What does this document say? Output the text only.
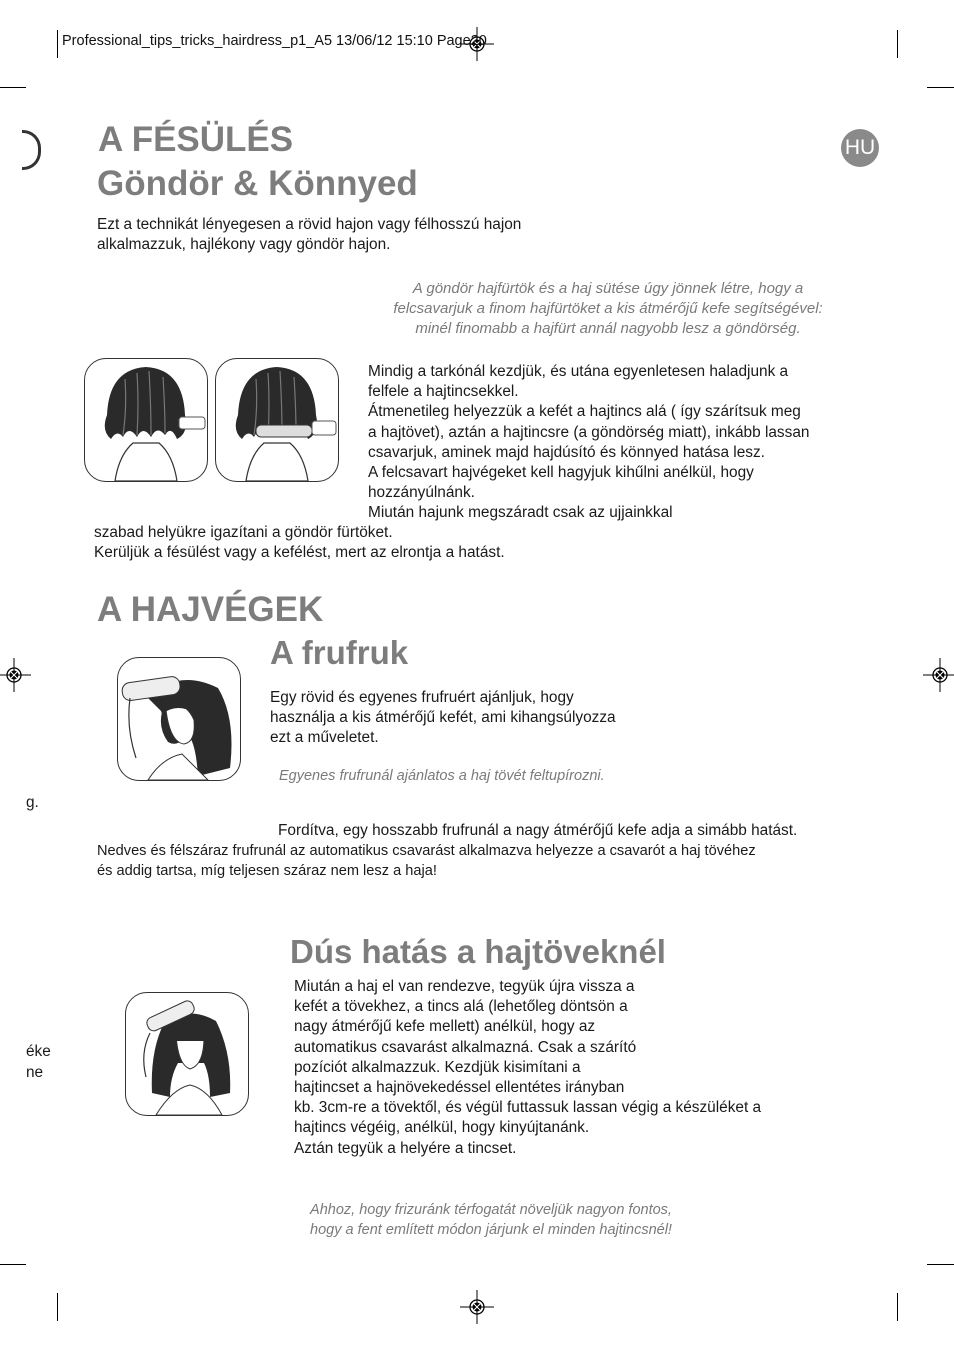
Professional_tips_tricks_hairdress_p1_A5 13/06/12 15:10 Page20
g.
éke
ne
HU
A FÉSÜLÉS
Göndör & Könnyed
Ezt a technikát lényegesen a rövid hajon vagy félhosszú hajon
alkalmazzuk, hajlékony vagy göndör hajon.
A göndör hajfürtök és a haj sütése úgy jönnek létre, hogy a
felcsavarjuk a finom hajfürtöket a kis átmérőjű kefe segítségével:
minél finomabb a hajfürt annál nagyobb lesz a göndörség.
Mindig a tarkónál kezdjük, és utána egyenletesen haladjunk a
felfele a hajtincsekkel.
Átmenetileg helyezzük a kefét a hajtincs alá ( így szárítsuk meg
a hajtövet), aztán a hajtincsre (a göndörség miatt), inkább lassan
csavarjuk, aminek majd hajdúsító és könnyed hatása lesz.
A felcsavart hajvégeket kell hagyjuk kihűlni anélkül, hogy
hozzányúlnánk.
Miután hajunk megszáradt csak az ujjainkkal
szabad helyükre igazítani a göndör fürtöket.
Kerüljük a fésülést vagy a kefélést, mert az elrontja a hatást.
A HAJVÉGEK
A frufruk
Egy rövid és egyenes frufruért ajánljuk, hogy
használja a kis átmérőjű kefét, ami kihangsúlyozza
ezt a műveletet.
Egyenes frufrunál ajánlatos a haj tövét feltupírozni.
Fordítva, egy hosszabb frufrunál a nagy átmérőjű kefe adja a simább hatást.
Nedves és félszáraz frufrunál az automatikus csavarást alkalmazva helyezze a csavarót a haj tövéhez
és addig tartsa, míg teljesen száraz nem lesz a haja!
Dús hatás a hajtöveknél
Miután a haj el van rendezve, tegyük újra vissza a
kefét a tövekhez, a tincs alá (lehetőleg döntsön a
nagy átmérőjű kefe mellett) anélkül, hogy az
automatikus csavarást alkalmazná. Csak a szárító
pozíciót alkalmazzuk. Kezdjük kisimítani a
hajtincset a hajnövekedéssel ellentétes irányban
kb. 3cm-re a tövektől, és végül futtassuk lassan végig a készüléket a
hajtincs végéig, anélkül, hogy kinyújtanánk.
Aztán tegyük a helyére a tincset.
Ahhoz, hogy frizuránk térfogatát növeljük nagyon fontos,
hogy a fent említett módon járjunk el minden hajtincsnél!
